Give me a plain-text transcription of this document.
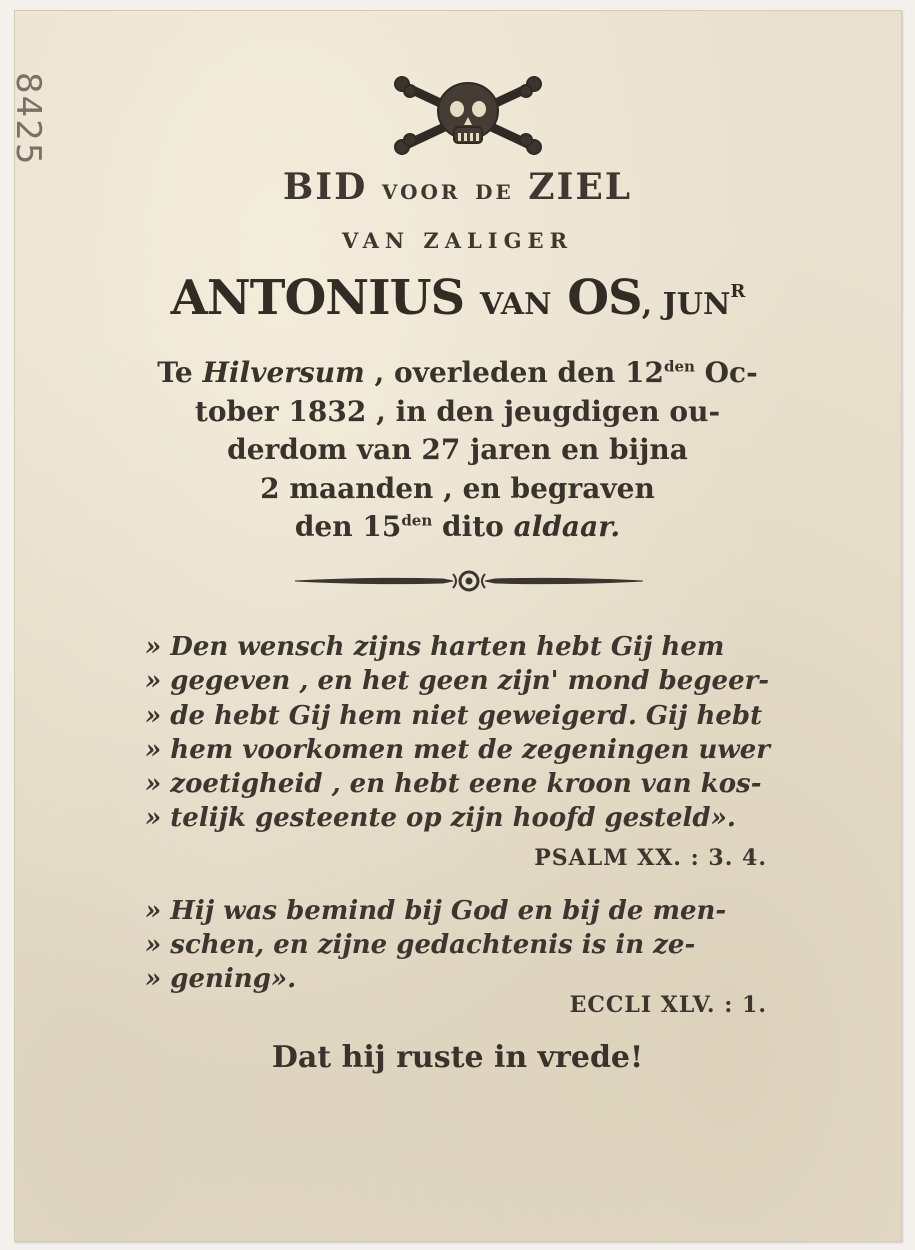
8425
BID VOOR DE ZIEL
VAN ZALIGER
ANTONIUS VAN OS, $JUN^R$
Te Hilversum , overleden den $12^{den}$ Oc-
tober 1832 , in den jeugdigen ou-
derdom van 27 jaren en bijna
2 maanden , en begraven
den $15^{den}$ dito aldaar.
» Den wensch zijns harten hebt Gij hem
» gegeven , en het geen zijn' mond begeer-
» de hebt Gij hem niet geweigerd. Gij hebt
» hem voorkomen met de zegeningen uwer
» zoetigheid , en hebt eene kroon van kos-
» telijk gesteente op zijn hoofd gesteld».
PSALM XX. : 3. 4.
» Hij was bemind bij God en bij de men-
» schen, en zijne gedachtenis is in ze-
» gening».
ECCLI XLV. : 1.
Dat hij ruste in vrede!
